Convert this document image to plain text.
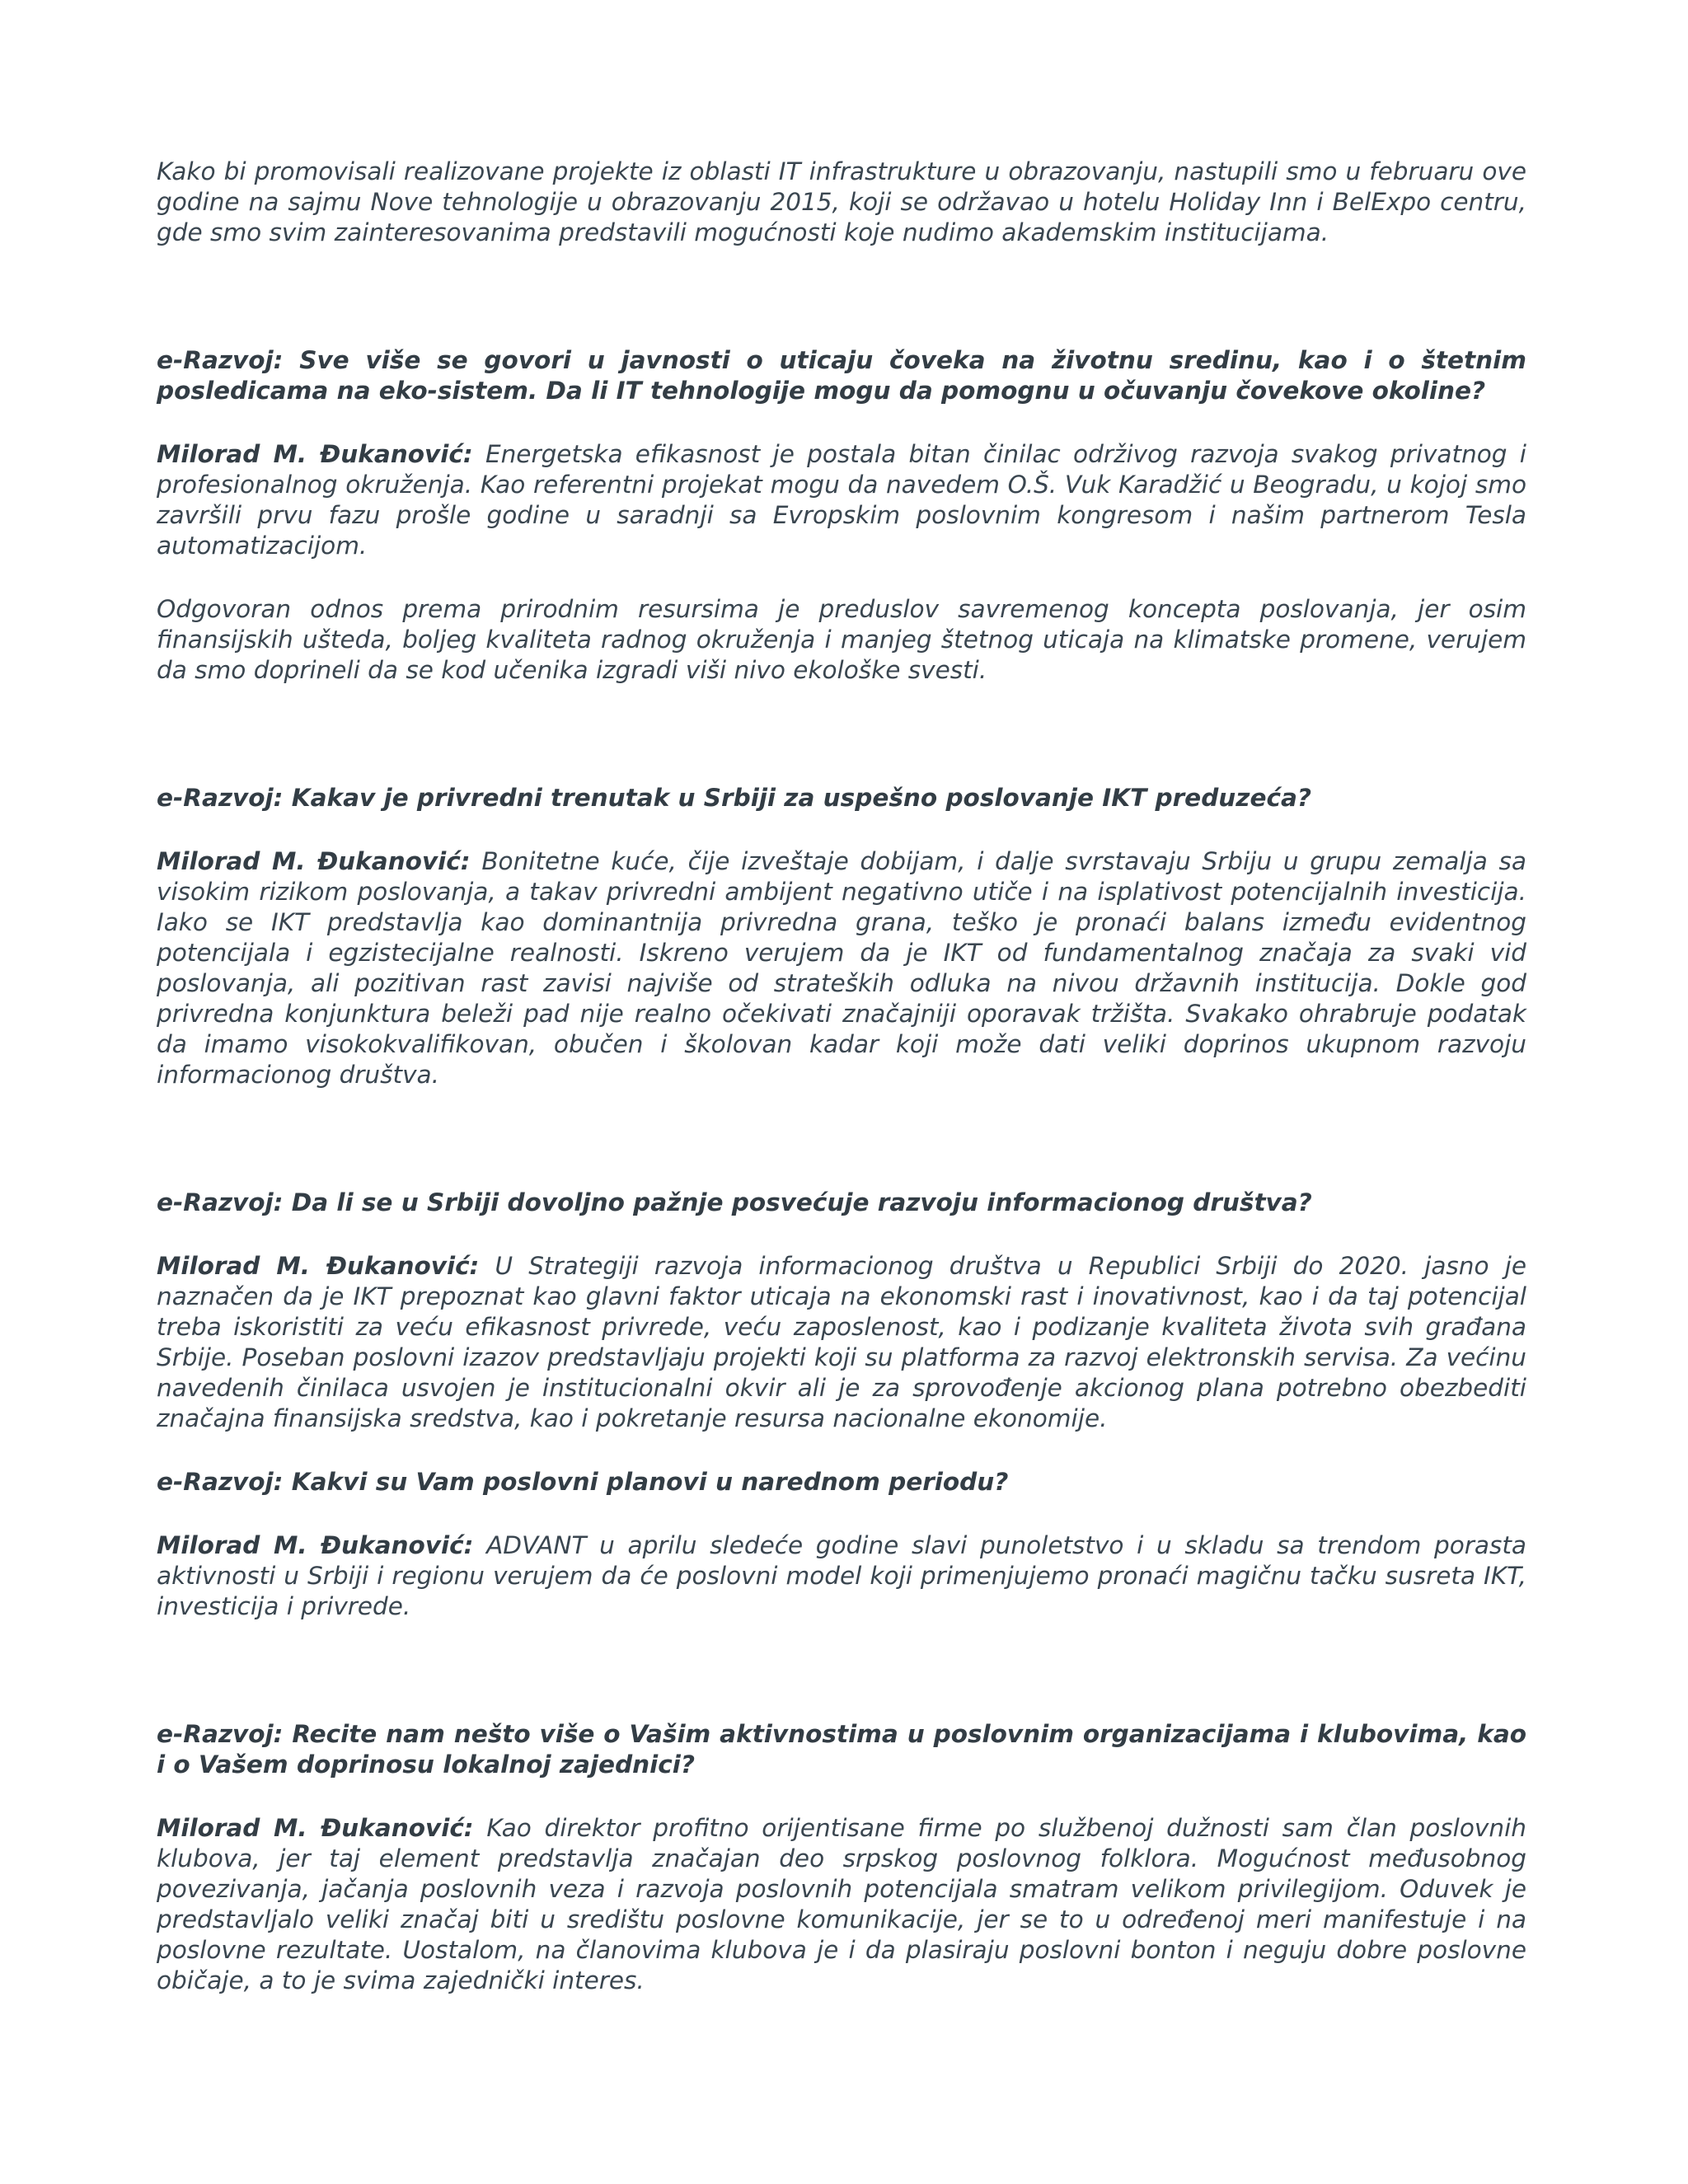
Kako bi promovisali realizovane projekte iz oblasti IT infrastrukture u obrazovanju, nastupili smo u februaru ove godine na sajmu Nove tehnologije u obrazovanju 2015, koji se održavao u hotelu Holiday Inn i BelExpo centru, gde smo svim zainteresovanima predstavili mogućnosti koje nudimo akademskim institucijama.

e-Razvoj: Sve više se govori u javnosti o uticaju čoveka na životnu sredinu, kao i o štetnim posledicama na eko-sistem. Da li IT tehnologije mogu da pomognu u očuvanju čovekove okoline?

Milorad M. Đukanović: Energetska efikasnost je postala bitan činilac održivog razvoja svakog privatnog i profesionalnog okruženja. Kao referentni projekat mogu da navedem O.Š. Vuk Karadžić u Beogradu, u kojoj smo završili prvu fazu prošle godine u saradnji sa Evropskim poslovnim kongresom i našim partnerom Tesla automatizacijom.

Odgovoran odnos prema prirodnim resursima je preduslov savremenog koncepta poslovanja, jer osim finansijskih ušteda, boljeg kvaliteta radnog okruženja i manjeg štetnog uticaja na klimatske promene, verujem da smo doprineli da se kod učenika izgradi viši nivo ekološke svesti.

e-Razvoj: Kakav je privredni trenutak u Srbiji za uspešno poslovanje IKT preduzeća?

Milorad M. Đukanović: Bonitetne kuće, čije izveštaje dobijam, i dalje svrstavaju Srbiju u grupu zemalja sa visokim rizikom poslovanja, a takav privredni ambijent negativno utiče i na isplativost potencijalnih investicija. Iako se IKT predstavlja kao dominantnija privredna grana, teško je pronaći balans između evidentnog potencijala i egzistecijalne realnosti. Iskreno verujem da je IKT od fundamentalnog značaja za svaki vid poslovanja, ali pozitivan rast zavisi najviše od strateških odluka na nivou državnih institucija. Dokle god privredna konjunktura beleži pad nije realno očekivati značajniji oporavak tržišta. Svakako ohrabruje podatak da imamo visokokvalifikovan, obučen i školovan kadar koji može dati veliki doprinos ukupnom razvoju informacionog društva.

e-Razvoj: Da li se u Srbiji dovoljno pažnje posvećuje razvoju informacionog društva?

Milorad M. Đukanović: U Strategiji razvoja informacionog društva u Republici Srbiji do 2020. jasno je naznačen da je IKT prepoznat kao glavni faktor uticaja na ekonomski rast i inovativnost, kao i da taj potencijal treba iskoristiti za veću efikasnost privrede, veću zaposlenost, kao i podizanje kvaliteta života svih građana Srbije. Poseban poslovni izazov predstavljaju projekti koji su platforma za razvoj elektronskih servisa. Za većinu navedenih činilaca usvojen je institucionalni okvir ali je za sprovođenje akcionog plana potrebno obezbediti značajna finansijska sredstva, kao i pokretanje resursa nacionalne ekonomije.

e-Razvoj: Kakvi su Vam poslovni planovi u narednom periodu?

Milorad M. Đukanović: ADVANT u aprilu sledeće godine slavi punoletstvo i u skladu sa trendom porasta aktivnosti u Srbiji i regionu verujem da će poslovni model koji primenjujemo pronaći magičnu tačku susreta IKT, investicija i privrede.

e-Razvoj: Recite nam nešto više o Vašim aktivnostima u poslovnim organizacijama i klubovima, kao i o Vašem doprinosu lokalnoj zajednici?

Milorad M. Đukanović: Kao direktor profitno orijentisane firme po službenoj dužnosti sam član poslovnih klubova, jer taj element predstavlja značajan deo srpskog poslovnog folklora. Mogućnost međusobnog povezivanja, jačanja poslovnih veza i razvoja poslovnih potencijala smatram velikom privilegijom. Oduvek je predstavljalo veliki značaj biti u središtu poslovne komunikacije, jer se to u određenoj meri manifestuje i na poslovne rezultate. Uostalom, na članovima klubova je i da plasiraju poslovni bonton i neguju dobre poslovne običaje, a to je svima zajednički interes.
